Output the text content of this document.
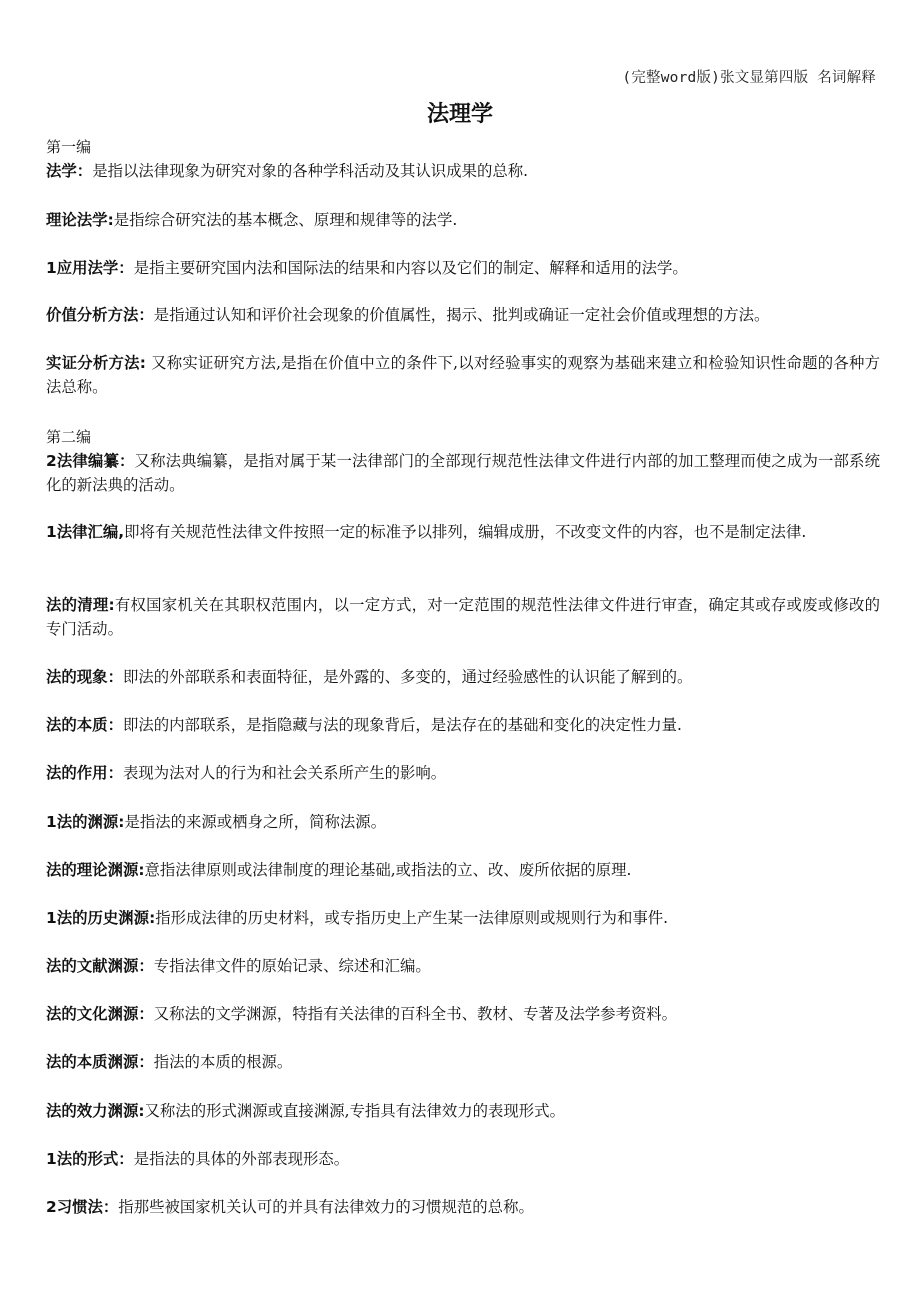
(完整word版)张文显第四版 名词解释
法理学
第一编
法学：是指以法律现象为研究对象的各种学科活动及其认识成果的总称.
理论法学:是指综合研究法的基本概念、原理和规律等的法学.
1应用法学：是指主要研究国内法和国际法的结果和内容以及它们的制定、解释和适用的法学。
价值分析方法：是指通过认知和评价社会现象的价值属性，揭示、批判或确证一定社会价值或理想的方法。
实证分析方法: 又称实证研究方法,是指在价值中立的条件下,以对经验事实的观察为基础来建立和检验知识性命题的各种方法总称。
第二编
2法律编纂：又称法典编纂，是指对属于某一法律部门的全部现行规范性法律文件进行内部的加工整理而使之成为一部系统化的新法典的活动。
1法律汇编,即将有关规范性法律文件按照一定的标准予以排列，编辑成册，不改变文件的内容，也不是制定法律.
法的清理:有权国家机关在其职权范围内，以一定方式，对一定范围的规范性法律文件进行审查，确定其或存或废或修改的专门活动。
法的现象：即法的外部联系和表面特征，是外露的、多变的，通过经验感性的认识能了解到的。
法的本质：即法的内部联系，是指隐藏与法的现象背后，是法存在的基础和变化的决定性力量.
法的作用：表现为法对人的行为和社会关系所产生的影响。
1法的渊源:是指法的来源或栖身之所，简称法源。
法的理论渊源:意指法律原则或法律制度的理论基础,或指法的立、改、废所依据的原理.
1法的历史渊源:指形成法律的历史材料，或专指历史上产生某一法律原则或规则行为和事件.
法的文献渊源：专指法律文件的原始记录、综述和汇编。
法的文化渊源：又称法的文学渊源，特指有关法律的百科全书、教材、专著及法学参考资料。
法的本质渊源：指法的本质的根源。
法的效力渊源:又称法的形式渊源或直接渊源,专指具有法律效力的表现形式。
1法的形式：是指法的具体的外部表现形态。
2习惯法：指那些被国家机关认可的并具有法律效力的习惯规范的总称。
